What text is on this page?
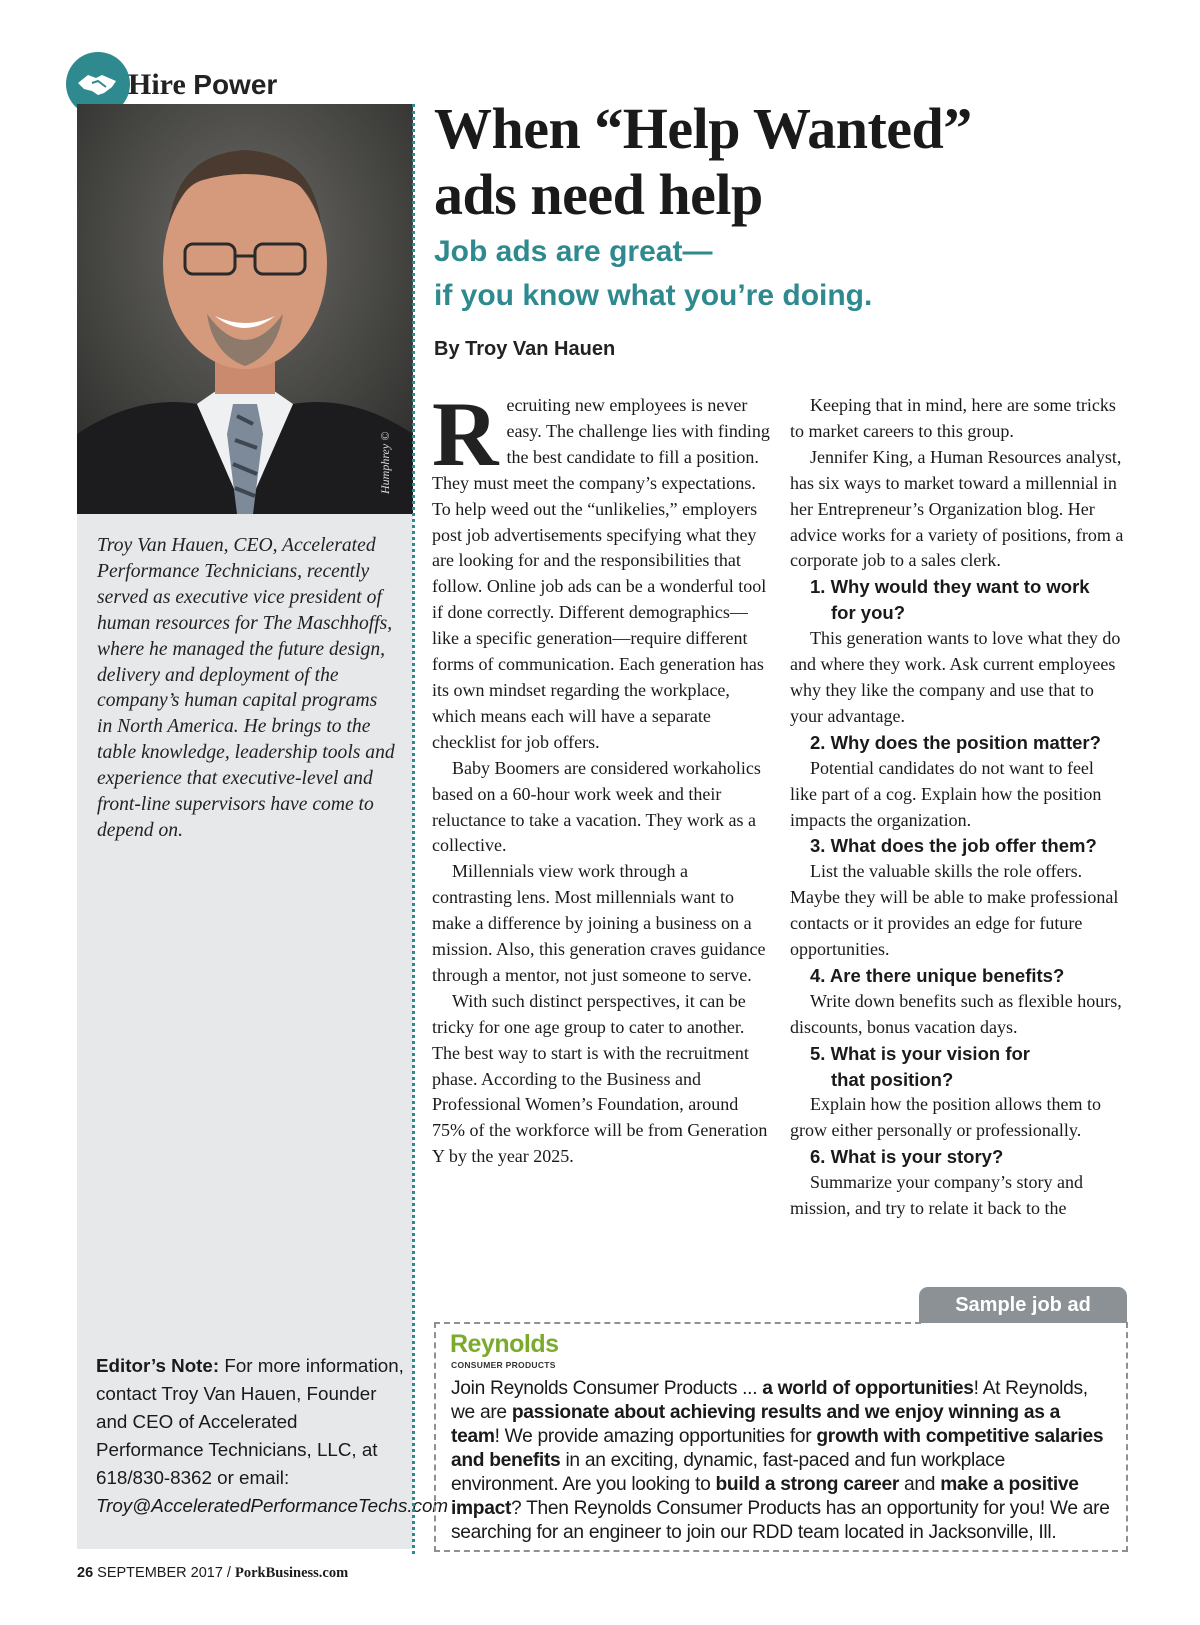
Hire Power
Humphrey ©
Troy Van Hauen, CEO, Accelerated Performance Technicians, recently served as executive vice president of human resources for The Maschhoffs, where he managed the future design, delivery and deployment of the company’s human capital programs in North America. He brings to the table knowledge, leadership tools and experience that executive-level and front-line supervisors have come to depend on.
Editor’s Note: For more information, contact Troy Van Hauen, Founder and CEO of Accelerated Performance Technicians, LLC, at 618/830-8362 or email: Troy@AcceleratedPerformanceTechs.com
When “Help Wanted”
ads need help
Job ads are great—
if you know what you’re doing.
By Troy Van Hauen

Recruiting new employees is never easy. The challenge lies with finding the best candidate to fill a position. They must meet the company’s expectations. To help weed out the “unlikelies,” employers post job advertisements specifying what they are looking for and the responsibilities that follow. Online job ads can be a wonderful tool if done correctly. Different demographics—like a specific generation—require different forms of communication. Each generation has its own mindset regarding the workplace, which means each will have a separate checklist for job offers.

Baby Boomers are considered workaholics based on a 60-hour work week and their reluctance to take a vacation. They work as a collective.

Millennials view work through a contrasting lens. Most millennials want to make a difference by joining a business on a mission. Also, this generation craves guidance through a mentor, not just someone to serve.

With such distinct perspectives, it can be tricky for one age group to cater to another. The best way to start is with the recruitment phase. According to the Business and Professional Women’s Foundation, around 75% of the workforce will be from Generation Y by the year 2025.

Keeping that in mind, here are some tricks to market careers to this group.

Jennifer King, a Human Resources analyst, has six ways to market toward a millennial in her Entrepreneur’s Organization blog. Her advice works for a variety of positions, from a corporate job to a sales clerk.

1. Why would they want to work
for you?

This generation wants to love what they do and where they work. Ask current employees why they like the company and use that to your advantage.

2. Why does the position matter?

Potential candidates do not want to feel like part of a cog. Explain how the position impacts the organization.

3. What does the job offer them?

List the valuable skills the role offers. Maybe they will be able to make professional contacts or it provides an edge for future opportunities.

4. Are there unique benefits?

Write down benefits such as flexible hours, discounts, bonus vacation days.

5. What is your vision for
that position?

Explain how the position allows them to grow either personally or professionally.

6. What is your story?

Summarize your company’s story and mission, and try to relate it back to the

Sample job ad
Reynolds
CONSUMER PRODUCTS
Join Reynolds Consumer Products ... a world of opportunities! At Reynolds, we are passionate about achieving results and we enjoy winning as a team! We provide amazing opportunities for growth with competitive salaries and benefits in an exciting, dynamic, fast-paced and fun workplace environment. Are you looking to build a strong career and make a positive impact? Then Reynolds Consumer Products has an opportunity for you! We are searching for an engineer to join our RDD team located in Jacksonville, Ill.
26 SEPTEMBER 2017 / PorkBusiness.com
